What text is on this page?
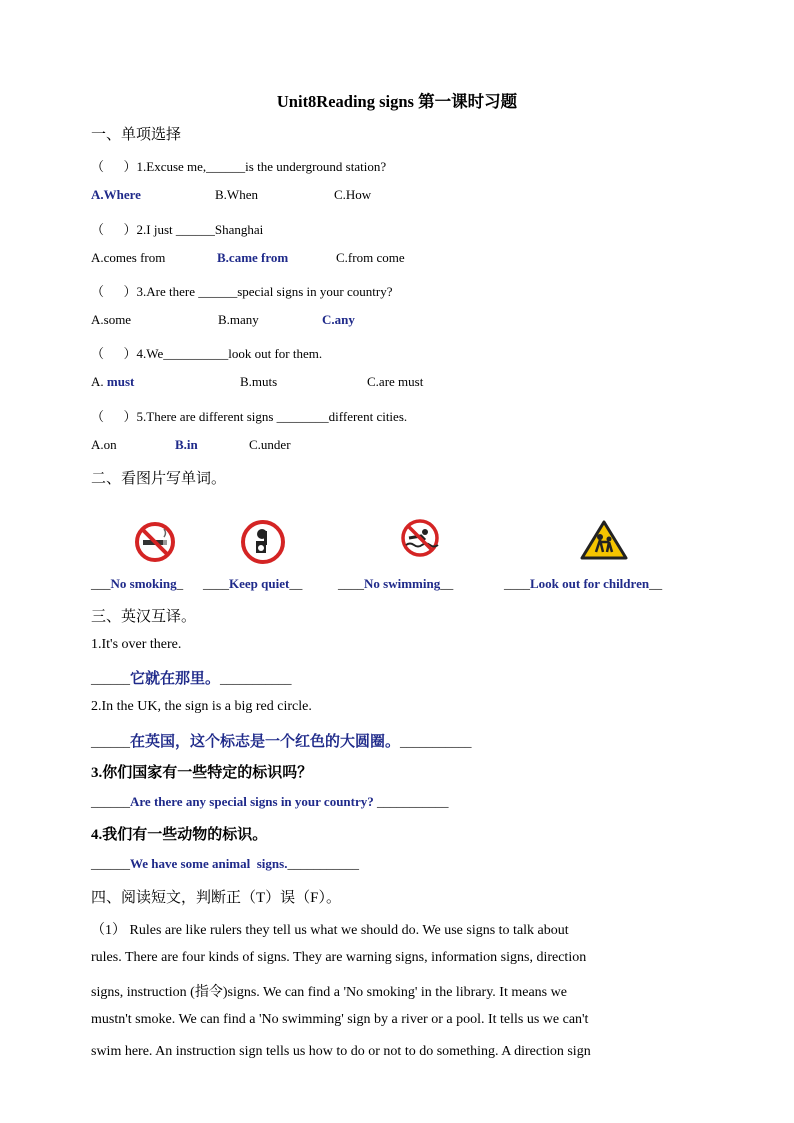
Unit8Reading signs 第一课时习题
一、单项选择
（      ）1.Excuse me,______is the underground station?
A.Where	B.When	C.How
（      ）2.I just ______Shanghai
A.comes from	B.came from	C.from come
（      ）3.Are there ______special signs in your country?
A.some	B.many	C.any
（      ）4.We__________look out for them.
A. must	B.muts	C.are must
（      ）5.There are different signs ________different cities.
A.on	B.in	C.under
二、看图片写单词。
___No smoking_ ____Keep quiet__	____No swimming__	____Look out for children__
三、英汉互译。
1.It's over there.
______它就在那里。___________
2.In the UK, the sign is a big red circle.
______在英国，这个标志是一个红色的大圆圈。___________
3.你们国家有一些特定的标识吗？
______Are there any special signs in your country? ___________
4.我们有一些动物的标识。
______We have some animal  signs.___________
四、阅读短文，判断正（T）误（F）。
（1） Rules are like rulers they tell us what we should do. We use signs to talk about
rules. There are four kinds of signs. They are warning signs, information signs, direction
signs, instruction (指令)signs. We can find a 'No smoking' in the library. It means we
mustn't smoke. We can find a 'No swimming' sign by a river or a pool. It tells us we can't
swim here. An instruction sign tells us how to do or not to do something. A direction sign
